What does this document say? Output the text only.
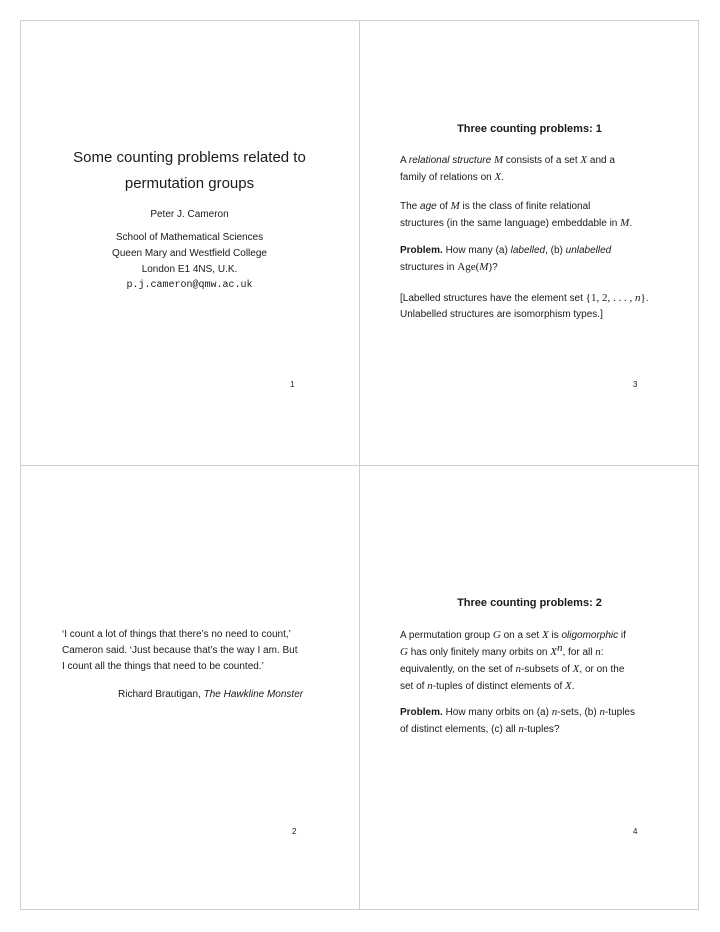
Some counting problems related to
permutation groups
Peter J. Cameron
School of Mathematical Sciences
Queen Mary and Westfield College
London E1 4NS, U.K.
p.j.cameron@qmw.ac.uk
1
Three counting problems: 1
A relational structure M consists of a set X and a
family of relations on X.
The age of M is the class of finite relational
structures (in the same language) embeddable in M.
Problem. How many (a) labelled, (b) unlabelled
structures in Age(M)?
[Labelled structures have the element set {1, 2, . . . , n}.
Unlabelled structures are isomorphism types.]
3
‘I count a lot of things that there’s no need to count,’
Cameron said. ‘Just because that’s the way I am. But
I count all the things that need to be counted.’
Richard Brautigan, The Hawkline Monster
2
Three counting problems: 2
A permutation group G on a set X is oligomorphic if
G has only finitely many orbits on $X^n$, for all n:
equivalently, on the set of n-subsets of X, or on the
set of n-tuples of distinct elements of X.
Problem. How many orbits on (a) n-sets, (b) n-tuples
of distinct elements, (c) all n-tuples?
4
